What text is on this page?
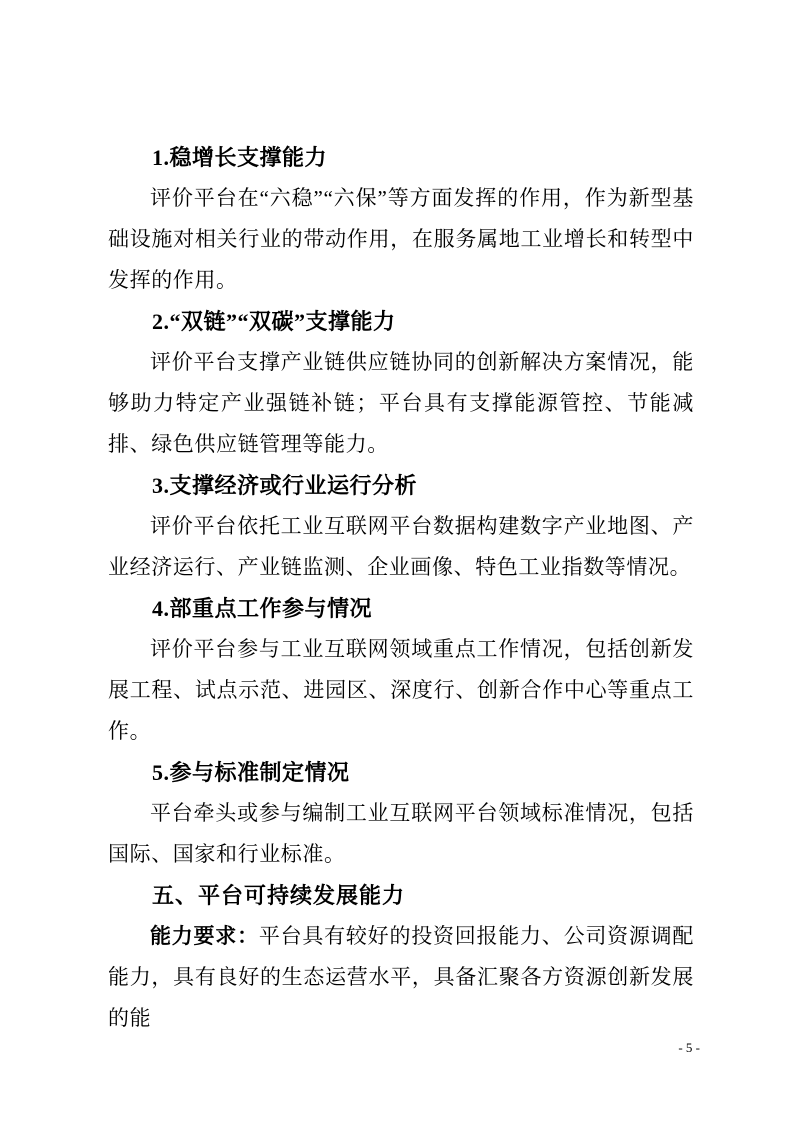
1.稳增长支撑能力

评价平台在“六稳”“六保”等方面发挥的作用，作为新型基础设施对相关行业的带动作用，在服务属地工业增长和转型中发挥的作用。

2.“双链”“双碳”支撑能力

评价平台支撑产业链供应链协同的创新解决方案情况，能够助力特定产业强链补链；平台具有支撑能源管控、节能减排、绿色供应链管理等能力。

3.支撑经济或行业运行分析

评价平台依托工业互联网平台数据构建数字产业地图、产业经济运行、产业链监测、企业画像、特色工业指数等情况。

4.部重点工作参与情况

评价平台参与工业互联网领域重点工作情况，包括创新发展工程、试点示范、进园区、深度行、创新合作中心等重点工作。

5.参与标准制定情况

平台牵头或参与编制工业互联网平台领域标准情况，包括国际、国家和行业标准。

五、平台可持续发展能力

能力要求：平台具有较好的投资回报能力、公司资源调配能力，具有良好的生态运营水平，具备汇聚各方资源创新发展的能

- 5 -
